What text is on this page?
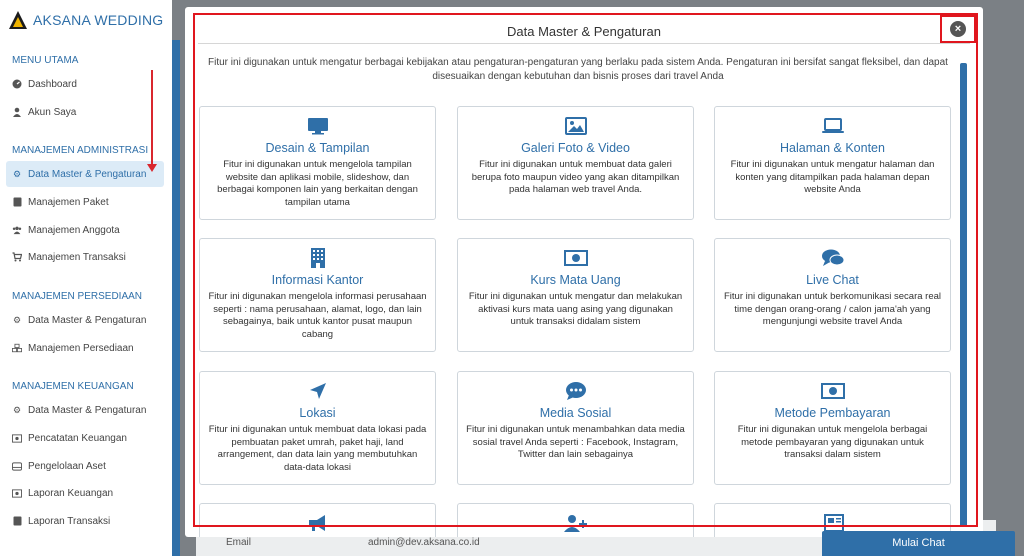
AKSANA WEDDING
MENU UTAMA
Dashboard
Akun Saya
MANAJEMEN ADMINISTRASI
⚙ Data Master & Pengaturan
Manajemen Paket
Manajemen Anggota
Manajemen Transaksi
MANAJEMEN PERSEDIAAN
⚙ Data Master & Pengaturan
Manajemen Persediaan
MANAJEMEN KEUANGAN
⚙ Data Master & Pengaturan
Pencatatan Keuangan
Pengelolaan Aset
Laporan Keuangan
Laporan Transaksi
Email	admin@dev.aksana.co.id
Data Master & Pengaturan
Fitur ini digunakan untuk mengatur berbagai kebijakan atau pengaturan-pengaturan yang berlaku pada sistem Anda. Pengaturan ini bersifat sangat fleksibel, dan dapat disesuaikan dengan kebutuhan dan bisnis proses dari travel Anda
Desain & Tampilan
Fitur ini digunakan untuk mengelola tampilan website dan aplikasi mobile, slideshow, dan berbagai komponen lain yang berkaitan dengan tampilan utama
Galeri Foto & Video
Fitur ini digunakan untuk membuat data galeri berupa foto maupun video yang akan ditampilkan pada halaman web travel Anda.
Halaman & Konten
Fitur ini digunakan untuk mengatur halaman dan konten yang ditampilkan pada halaman depan website Anda
Informasi Kantor
Fitur ini digunakan mengelola informasi perusahaan seperti : nama perusahaan, alamat, logo, dan lain sebagainya, baik untuk kantor pusat maupun cabang
Kurs Mata Uang
Fitur ini digunakan untuk mengatur dan melakukan aktivasi kurs mata uang asing yang digunakan untuk transaksi didalam sistem
Live Chat
Fitur ini digunakan untuk berkomunikasi secara real time dengan orang-orang / calon jama'ah yang mengunjungi website travel Anda
Lokasi
Fitur ini digunakan untuk membuat data lokasi pada pembuatan paket umrah, paket haji, land arrangement, dan data lain yang membutuhkan data-data lokasi
Media Sosial
Fitur ini digunakan untuk menambahkan data media sosial travel Anda seperti : Facebook, Instagram, Twitter dan lain sebagainya
Metode Pembayaran
Fitur ini digunakan untuk mengelola berbagai metode pembayaran yang digunakan untuk transaksi dalam sistem
×
Mulai Chat
